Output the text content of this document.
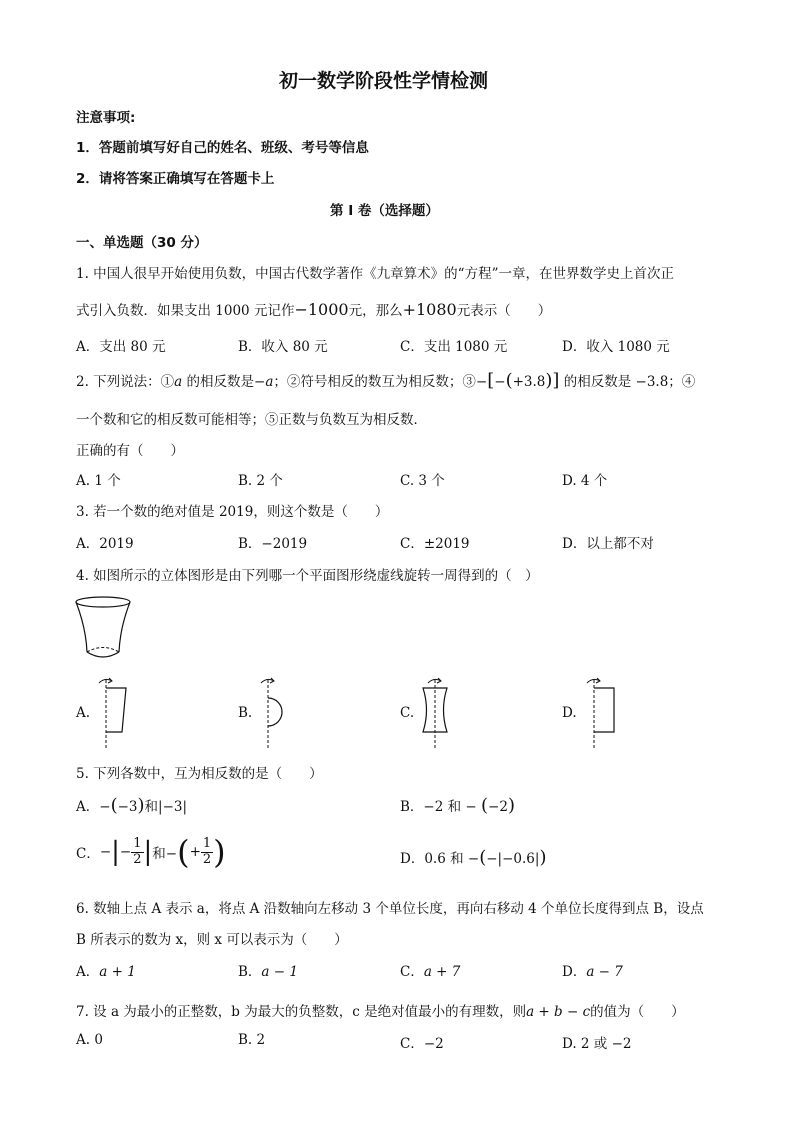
初一数学阶段性学情检测
注意事项:
1．答题前填写好自己的姓名、班级、考号等信息
2．请将答案正确填写在答题卡上
第 I 卷（选择题）
一、单选题（30 分）
1. 中国人很早开始使用负数，中国古代数学著作《九章算术》的“方程”一章，在世界数学史上首次正
式引入负数．如果支出 1000 元记作−1000元，那么+1080元表示（　　）
A．支出 80 元	B．收入 80 元	C．支出 1080 元	D．收入 1080 元
2. 下列说法：①a 的相反数是−a；②符号相反的数互为相反数；③−[−(+3.8)] 的相反数是 −3.8；④
一个数和它的相反数可能相等；⑤正数与负数互为相反数．
正确的有（　　）
A. 1 个	B. 2 个	C. 3 个	D. 4 个
3. 若一个数的绝对值是 2019，则这个数是（　　）
A．2019	B．−2019	C．±2019	D．以上都不对
4. 如图所示的立体图形是由下列哪一个平面图形绕虚线旋转一周得到的（　）
A.	B.	C.	D.
5. 下列各数中，互为相反数的是（　　）
A．−(−3)和|−3|	B．−2 和 − (−2)
C．−|− $\frac{1}{2}$ |和−(+ $\frac{1}{2}$ )	D．0.6 和 −(−|−0.6|)
6. 数轴上点 A 表示 a，将点 A 沿数轴向左移动 3 个单位长度，再向右移动 4 个单位长度得到点 B，设点
B 所表示的数为 x，则 x 可以表示为（　　）
A．a + 1	B．a − 1	C．a + 7	D．a − 7
7. 设 a 为最小的正整数，b 为最大的负整数，c 是绝对值最小的有理数，则a + b − c的值为（　　）
A. 0	B. 2	C．−2	D. 2 或 −2
